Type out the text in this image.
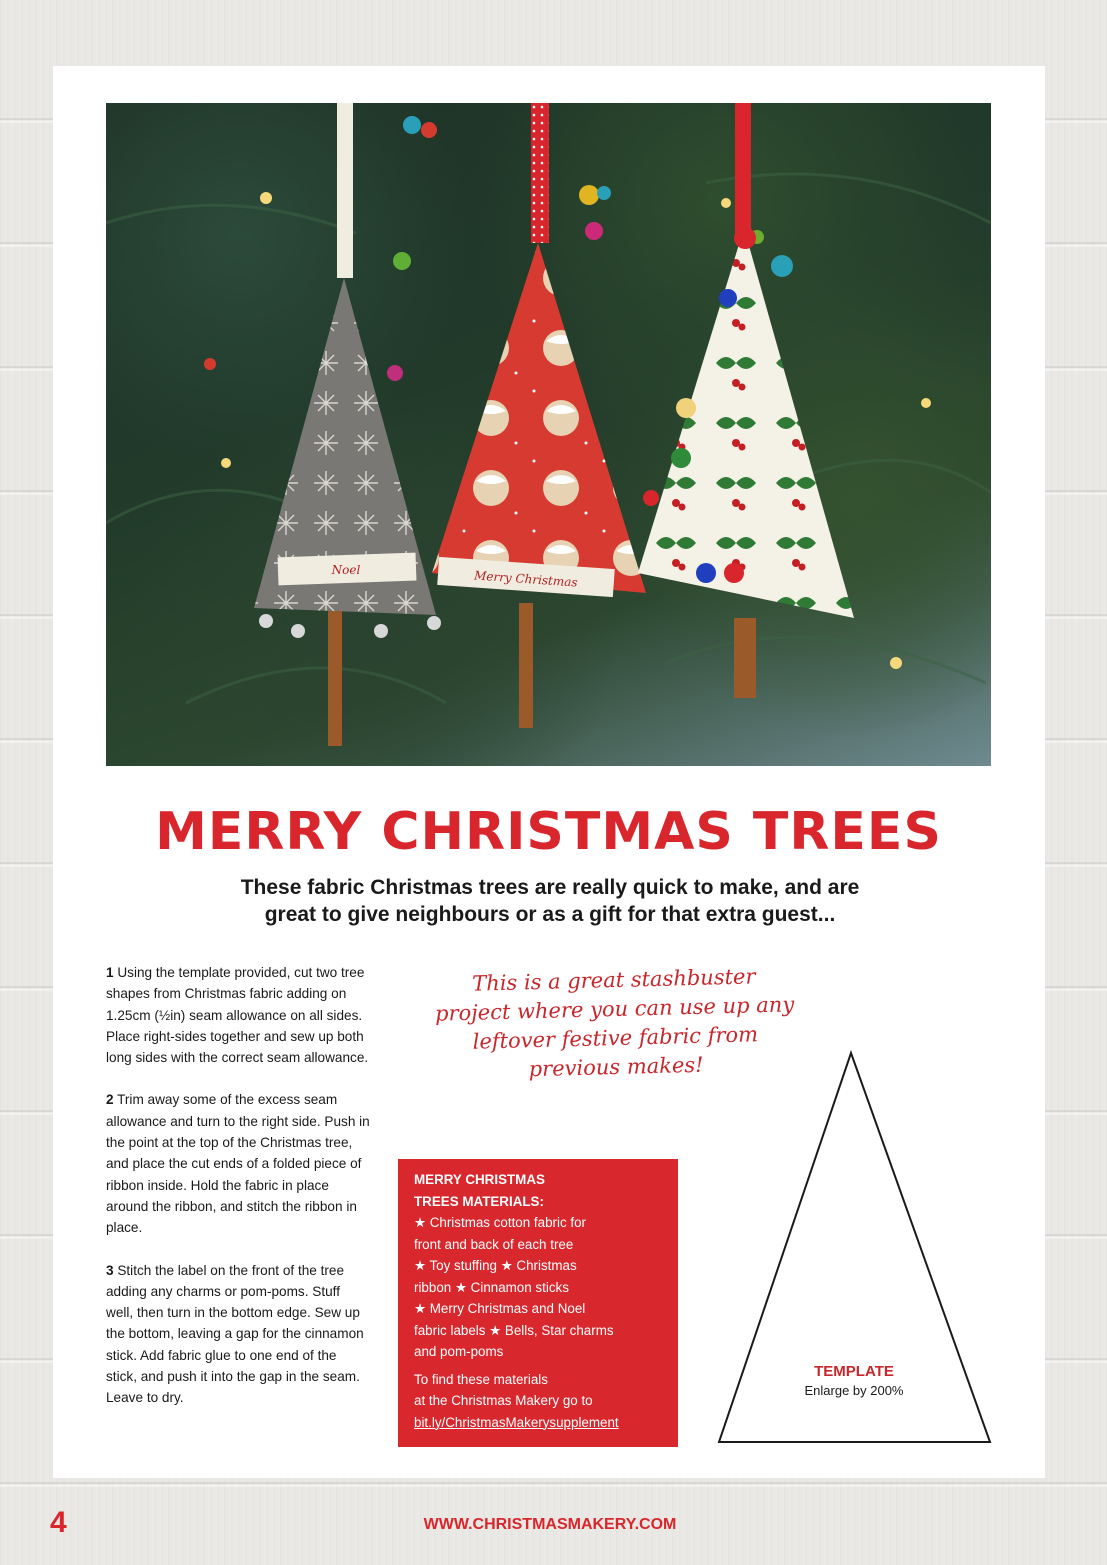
Noel	Merry Christmas
MERRY CHRISTMAS TREES
These fabric Christmas trees are really quick to make, and are
great to give neighbours or as a gift for that extra guest...

1 Using the template provided, cut two tree shapes from Christmas fabric adding on 1.25cm (½in) seam allowance on all sides. Place right-sides together and sew up both long sides with the correct seam allowance.

2 Trim away some of the excess seam allowance and turn to the right side. Push in the point at the top of the Christmas tree, and place the cut ends of a folded piece of ribbon inside. Hold the fabric in place around the ribbon, and stitch the ribbon in place.

3 Stitch the label on the front of the tree adding any charms or pom-poms. Stuff well, then turn in the bottom edge. Sew up the bottom, leaving a gap for the cinnamon stick. Add fabric glue to one end of the stick, and push it into the gap in the seam. Leave to dry.

This is a great stashbuster
project where you can use up any
leftover festive fabric from
previous makes!
MERRY CHRISTMAS
TREES MATERIALS:
★ Christmas cotton fabric for
front and back of each tree
★ Toy stuffing ★ Christmas
ribbon ★ Cinnamon sticks
★ Merry Christmas and Noel
fabric labels ★ Bells, Star charms
and pom-poms
To find these materials
at the Christmas Makery go to
bit.ly/ChristmasMakerysupplement
TEMPLATE
Enlarge by 200%
4	WWW.CHRISTMASMAKERY.COM
